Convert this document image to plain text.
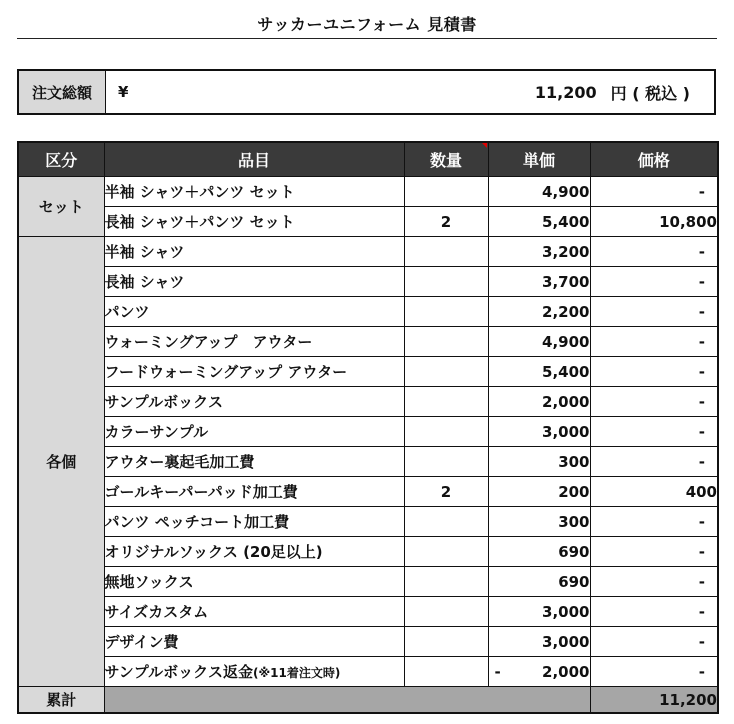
サッカーユニフォーム 見積書
注文総額	¥	11,200 円 ( 税込 )
区分	品目	数量	単価	価格
セット	半袖 シャツ＋パンツ セット		4,900	-
	長袖 シャツ＋パンツ セット	2	5,400	10,800
各個	半袖 シャツ		3,200	-
	長袖 シャツ		3,700	-
	パンツ		2,200	-
	ウォーミングアップ　アウター		4,900	-
	フードウォーミングアップ アウター		5,400	-
	サンプルボックス		2,000	-
	カラーサンプル		3,000	-
	アウター裏起毛加工費		300	-
	ゴールキーパーパッド加工費	2	200	400
	パンツ ペッチコート加工費		300	-
	オリジナルソックス (20足以上)		690	-
	無地ソックス		690	-
	サイズカスタム		3,000	-
	デザイン費		3,000	-
	サンプルボックス返金(※11着注文時)		- 2,000	-
累計				11,200
